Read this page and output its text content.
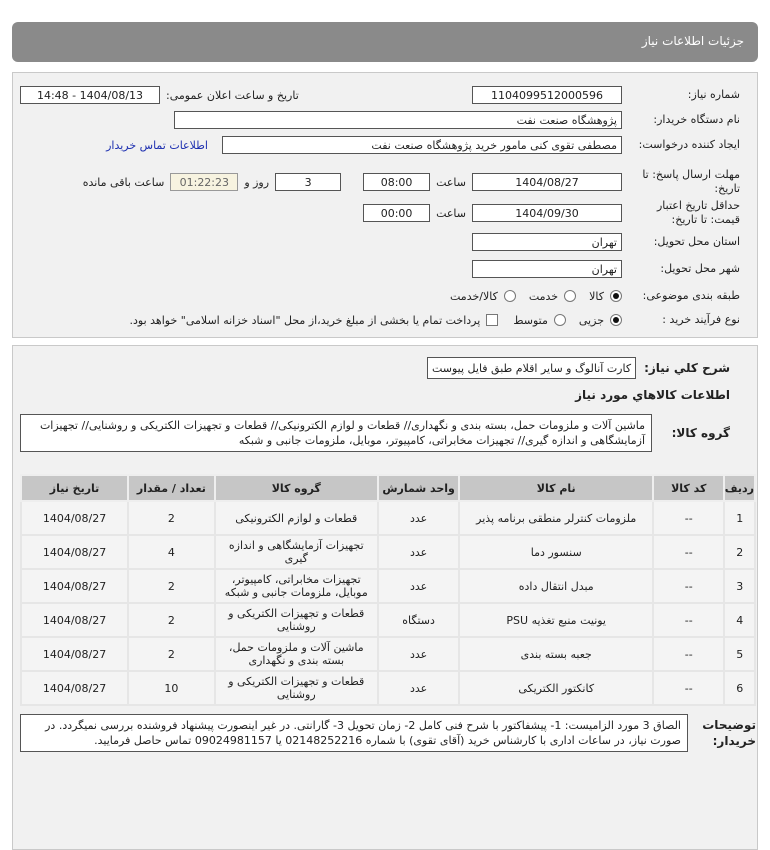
جزئیات اطلاعات نیاز
شماره نیاز:
1104099512000596
تاریخ و ساعت اعلان عمومی:
1404/08/13 - 14:48
نام دستگاه خریدار:
پژوهشگاه صنعت نفت
ایجاد کننده درخواست:
مصطفی تقوی کنی مامور خرید پژوهشگاه صنعت نفت
اطلاعات تماس خریدار
مهلت ارسال پاسخ: تا تاریخ:
1404/08/27
ساعت
08:00
3
روز و
01:22:23
ساعت باقی مانده
حداقل تاریخ اعتبار قیمت: تا تاریخ:
1404/09/30
ساعت
00:00
استان محل تحویل:
تهران
شهر محل تحویل:
تهران
طبقه بندی موضوعی:
کالا
خدمت
کالا/خدمت
نوع فرآیند خرید :
جزیی
متوسط
پرداخت تمام یا بخشی از مبلغ خرید،از محل "اسناد خزانه اسلامی" خواهد بود.
شرح کلي نياز:
کارت آنالوگ و سایر اقلام طبق فایل پیوست
اطلاعات کالاهاي مورد نياز
گروه کالا:
ماشین آلات و ملزومات حمل، بسته بندی و نگهداری// قطعات و لوازم الکترونیکی// قطعات و تجهیزات الکتریکی و روشنایی// تجهیزات آزمایشگاهی و اندازه گیری// تجهیزات مخابراتی، کامپیوتر، موبایل، ملزومات جانبی و شبکه
ردیف	کد کالا	نام کالا	واحد شمارش	گروه کالا	تعداد / مقدار	تاریخ نیاز
1	--	ملزومات کنترلر منطقی برنامه پذیر	عدد	قطعات و لوازم الکترونیکی	2	1404/08/27
2	--	سنسور دما	عدد	تجهیزات آزمایشگاهی و اندازه گیری	4	1404/08/27
3	--	مبدل انتقال داده	عدد	تجهیزات مخابراتی، کامپیوتر، موبایل، ملزومات جانبی و شبکه	2	1404/08/27
4	--	یونیت منبع تغذیه PSU	دستگاه	قطعات و تجهیزات الکتریکی و روشنایی	2	1404/08/27
5	--	جعبه بسته بندی	عدد	ماشین آلات و ملزومات حمل، بسته بندی و نگهداری	2	1404/08/27
6	--	کانکتور الکتریکی	عدد	قطعات و تجهیزات الکتریکی و روشنایی	10	1404/08/27
توضیحات خریدار:
الصاق 3 مورد الزامیست: 1- پیشفاکتور با شرح فنی کامل 2- زمان تحویل 3- گارانتی. در غیر اینصورت پیشنهاد فروشنده بررسی نمیگردد. در صورت نیاز، در ساعات اداری با کارشناس خرید (آقای تقوی) با شماره 02148252216 یا 09024981157 تماس حاصل فرمایید.
